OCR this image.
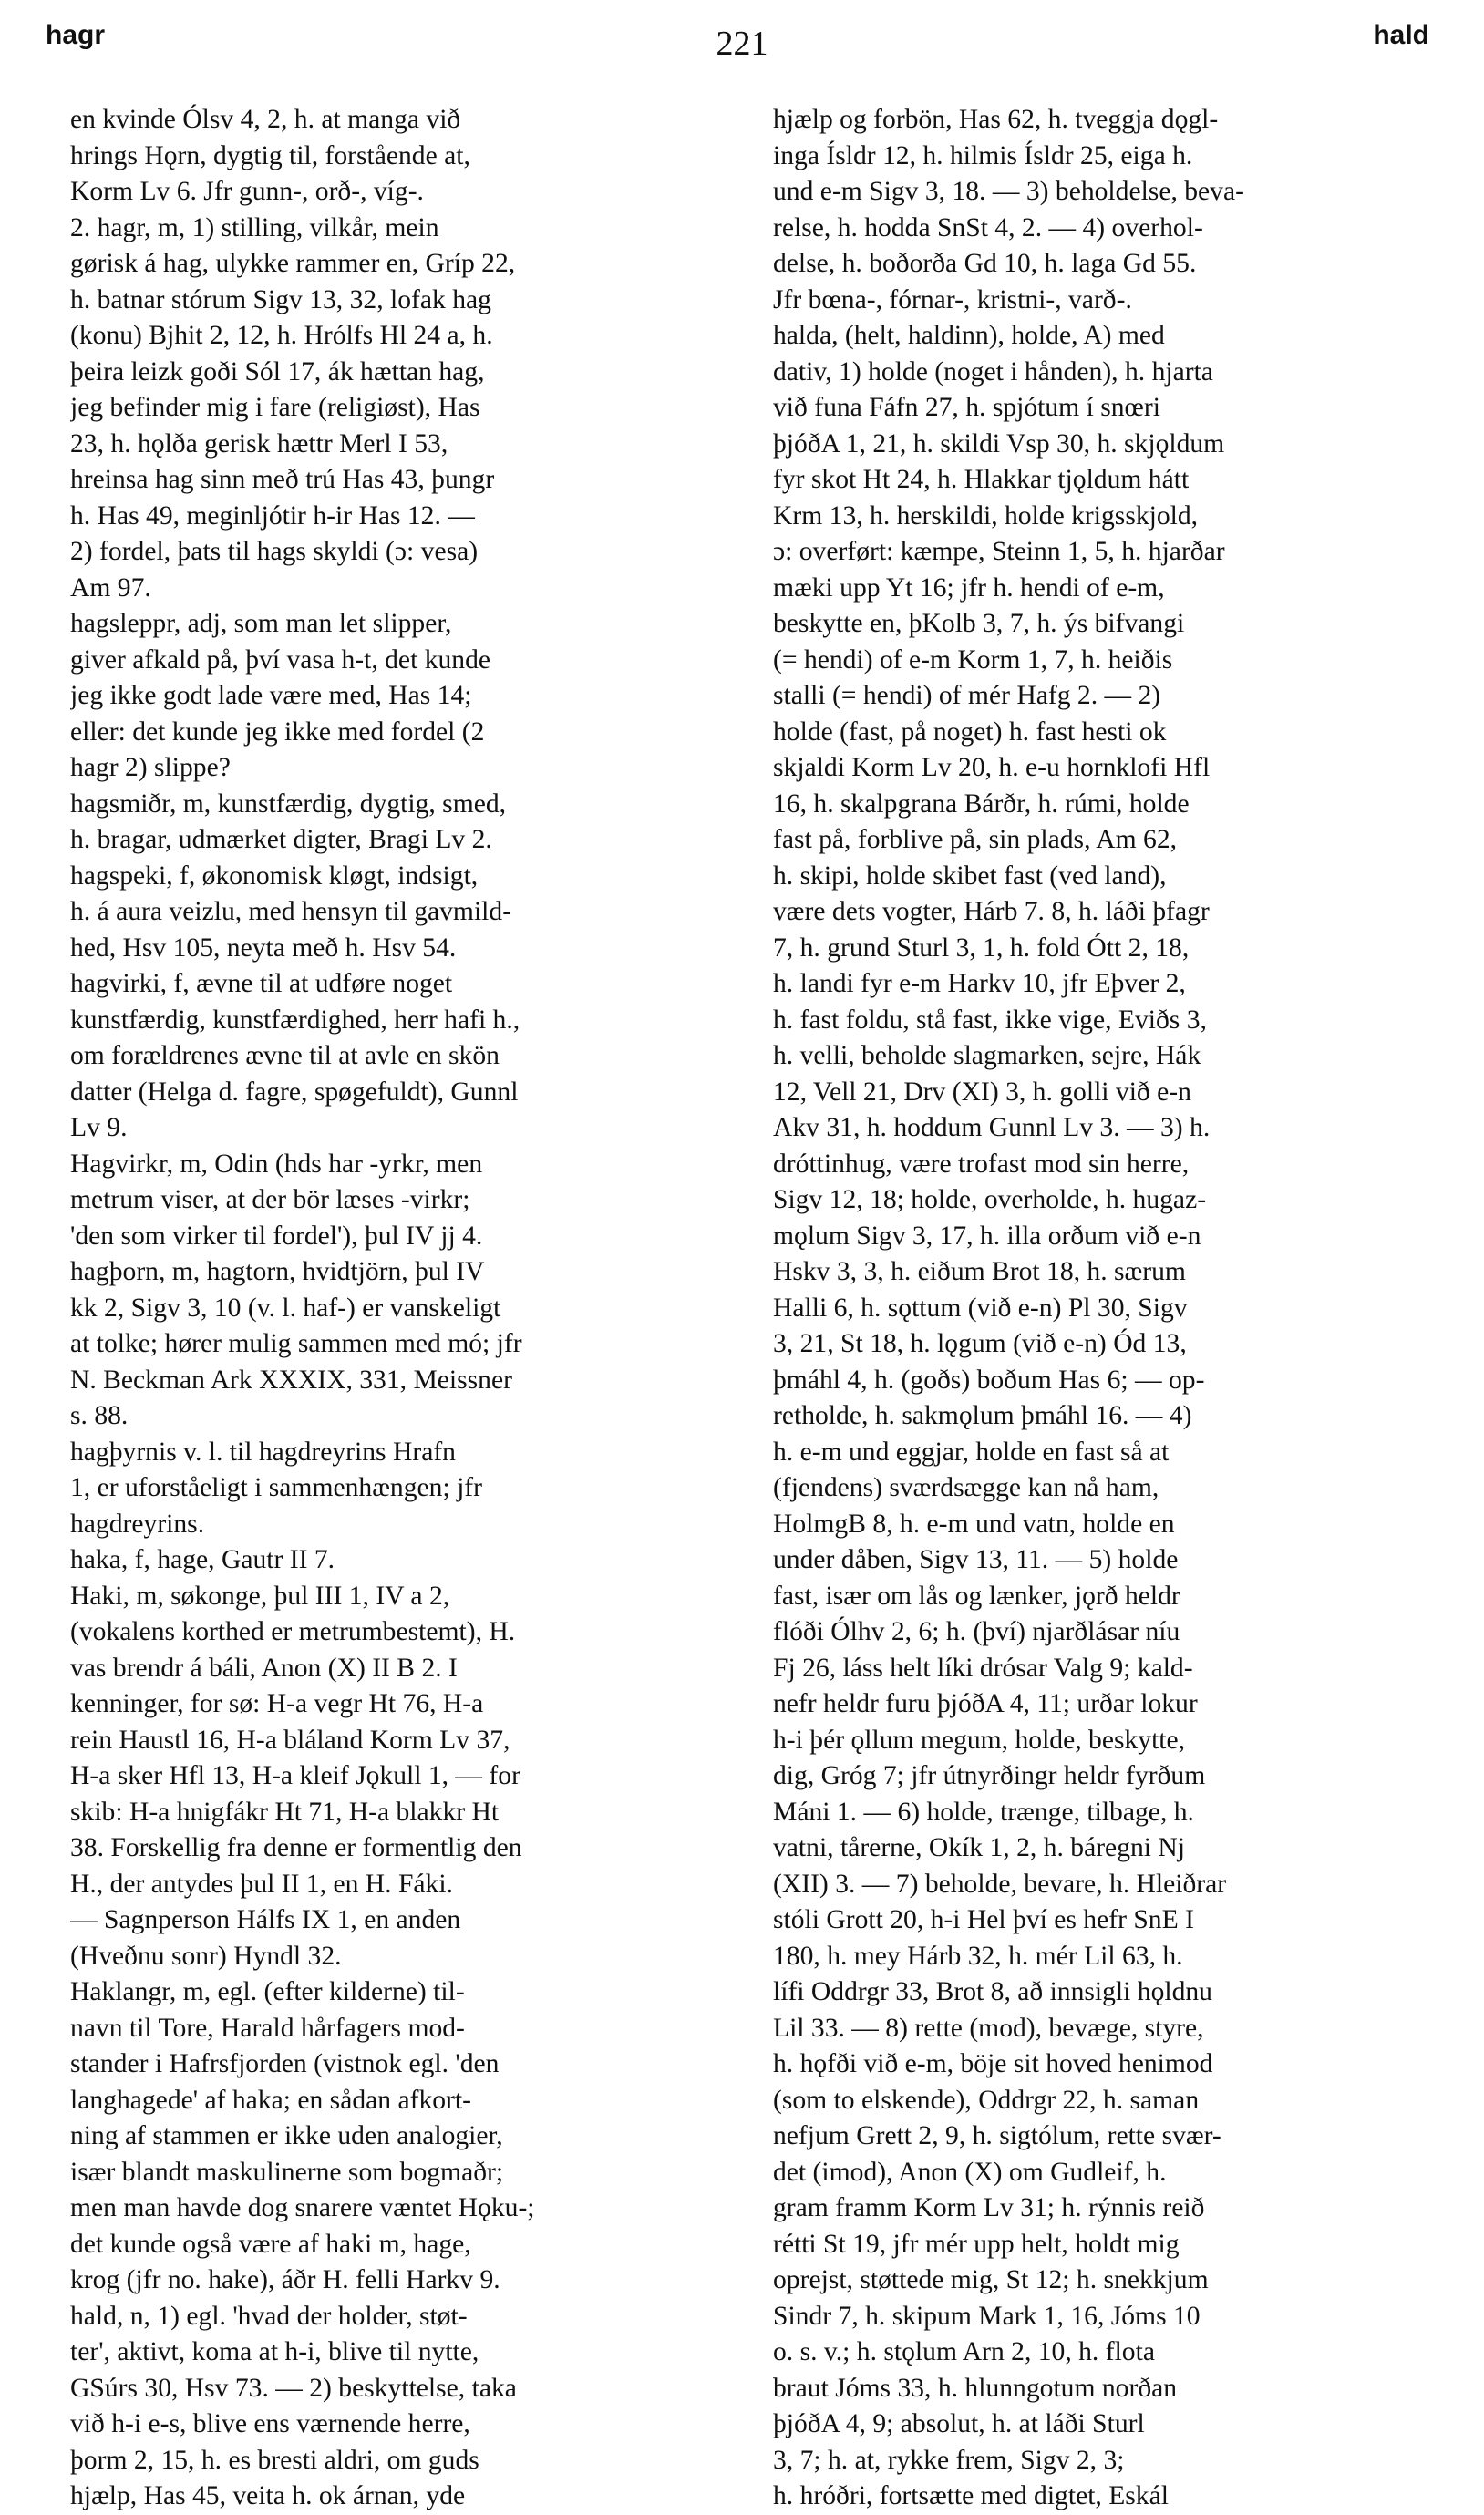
hagr	221	hald
en kvinde Ólsv 4, 2, h. at manga við
hrings Hǫrn, dygtig til, forstående at,
Korm Lv 6. Jfr gunn-, orð-, víg-.
2. hagr, m, 1) stilling, vilkår, mein
gørisk á hag, ulykke rammer en, Gríp 22,
h. batnar stórum Sigv 13, 32, lofak hag
(konu) Bjhit 2, 12, h. Hrólfs Hl 24 a, h.
þeira leizk goði Sól 17, ák hættan hag,
jeg befinder mig i fare (religiøst), Has
23, h. hǫlða gerisk hættr Merl I 53,
hreinsa hag sinn með trú Has 43, þungr
h. Has 49, meginljótir h-ir Has 12. —
2) fordel, þats til hags skyldi (ɔ: vesa)
Am 97.
hagsleppr, adj, som man let slipper,
giver afkald på, því vasa h-t, det kunde
jeg ikke godt lade være med, Has 14;
eller: det kunde jeg ikke med fordel (2
hagr 2) slippe?
hagsmiðr, m, kunstfærdig, dygtig, smed,
h. bragar, udmærket digter, Bragi Lv 2.
hagspeki, f, økonomisk kløgt, indsigt,
h. á aura veizlu, med hensyn til gavmild-
hed, Hsv 105, neyta með h. Hsv 54.
hagvirki, f, ævne til at udføre noget
kunstfærdig, kunstfærdighed, herr hafi h.,
om forældrenes ævne til at avle en skön
datter (Helga d. fagre, spøgefuldt), Gunnl
Lv 9.
Hagvirkr, m, Odin (hds har -yrkr, men
metrum viser, at der bör læses -virkr;
'den som virker til fordel'), þul IV jj 4.
hagþorn, m, hagtorn, hvidtjörn, þul IV
kk 2, Sigv 3, 10 (v. l. haf-) er vanskeligt
at tolke; hører mulig sammen med mó; jfr
N. Beckman Ark XXXIX, 331, Meissner
s. 88.
hagþyrnis v. l. til hagdreyrins Hrafn
1, er uforståeligt i sammenhængen; jfr
hagdreyrins.
haka, f, hage, Gautr II 7.
Haki, m, søkonge, þul III 1, IV a 2,
(vokalens korthed er metrumbestemt), H.
vas brendr á báli, Anon (X) II B 2. I
kenninger, for sø: H-a vegr Ht 76, H-a
rein Haustl 16, H-a bláland Korm Lv 37,
H-a sker Hfl 13, H-a kleif Jǫkull 1, — for
skib: H-a hnigfákr Ht 71, H-a blakkr Ht
38. Forskellig fra denne er formentlig den
H., der antydes þul II 1, en H. Fáki.
— Sagnperson Hálfs IX 1, en anden
(Hveðnu sonr) Hyndl 32.
Haklangr, m, egl. (efter kilderne) til-
navn til Tore, Harald hårfagers mod-
stander i Hafrsfjorden (vistnok egl. 'den
langhagede' af haka; en sådan afkort-
ning af stammen er ikke uden analogier,
især blandt maskulinerne som bogmaðr;
men man havde dog snarere væntet Hǫku-;
det kunde også være af haki m, hage,
krog (jfr no. hake), áðr H. felli Harkv 9.
hald, n, 1) egl. 'hvad der holder, støt-
ter', aktivt, koma at h-i, blive til nytte,
GSúrs 30, Hsv 73. — 2) beskyttelse, taka
við h-i e-s, blive ens værnende herre,
þorm 2, 15, h. es bresti aldri, om guds
hjælp, Has 45, veita h. ok árnan, yde
hjælp og forbön, Has 62, h. tveggja dǫgl-
inga Ísldr 12, h. hilmis Ísldr 25, eiga h.
und e-m Sigv 3, 18. — 3) beholdelse, beva-
relse, h. hodda SnSt 4, 2. — 4) overhol-
delse, h. boðorða Gd 10, h. laga Gd 55.
Jfr bœna-, fórnar-, kristni-, varð-.
halda, (helt, haldinn), holde, A) med
dativ, 1) holde (noget i hånden), h. hjarta
við funa Fáfn 27, h. spjótum í snœri
þjóðA 1, 21, h. skildi Vsp 30, h. skjǫldum
fyr skot Ht 24, h. Hlakkar tjǫldum hátt
Krm 13, h. herskildi, holde krigsskjold,
ɔ: overført: kæmpe, Steinn 1, 5, h. hjarðar
mæki upp Yt 16; jfr h. hendi of e-m,
beskytte en, þKolb 3, 7, h. ýs bifvangi
(= hendi) of e-m Korm 1, 7, h. heiðis
stalli (= hendi) of mér Hafg 2. — 2)
holde (fast, på noget) h. fast hesti ok
skjaldi Korm Lv 20, h. e-u hornklofi Hfl
16, h. skalpgrana Bárðr, h. rúmi, holde
fast på, forblive på, sin plads, Am 62,
h. skipi, holde skibet fast (ved land),
være dets vogter, Hárb 7. 8, h. láði þfagr
7, h. grund Sturl 3, 1, h. fold Ótt 2, 18,
h. landi fyr e-m Harkv 10, jfr Eþver 2,
h. fast foldu, stå fast, ikke vige, Eviðs 3,
h. velli, beholde slagmarken, sejre, Hák
12, Vell 21, Drv (XI) 3, h. golli við e-n
Akv 31, h. hoddum Gunnl Lv 3. — 3) h.
dróttinhug, være trofast mod sin herre,
Sigv 12, 18; holde, overholde, h. hugaz-
mǫlum Sigv 3, 17, h. illa orðum við e-n
Hskv 3, 3, h. eiðum Brot 18, h. særum
Halli 6, h. sǫttum (við e-n) Pl 30, Sigv
3, 21, St 18, h. lǫgum (við e-n) Ód 13,
þmáhl 4, h. (goðs) boðum Has 6; — op-
retholde, h. sakmǫlum þmáhl 16. — 4)
h. e-m und eggjar, holde en fast så at
(fjendens) sværdsægge kan nå ham,
HolmgB 8, h. e-m und vatn, holde en
under dåben, Sigv 13, 11. — 5) holde
fast, især om lås og lænker, jǫrð heldr
flóði Ólhv 2, 6; h. (því) njarðlásar níu
Fj 26, láss helt líki drósar Valg 9; kald-
nefr heldr furu þjóðA 4, 11; urðar lokur
h-i þér ǫllum megum, holde, beskytte,
dig, Gróg 7; jfr útnyrðingr heldr fyrðum
Máni 1. — 6) holde, trænge, tilbage, h.
vatni, tårerne, Okík 1, 2, h. báregni Nj
(XII) 3. — 7) beholde, bevare, h. Hleiðrar
stóli Grott 20, h-i Hel því es hefr SnE I
180, h. mey Hárb 32, h. mér Lil 63, h.
lífi Oddrgr 33, Brot 8, að innsigli hǫldnu
Lil 33. — 8) rette (mod), bevæge, styre,
h. hǫfði við e-m, böje sit hoved henimod
(som to elskende), Oddrgr 22, h. saman
nefjum Grett 2, 9, h. sigtólum, rette svær-
det (imod), Anon (X) om Gudleif, h.
gram framm Korm Lv 31; h. rýnnis reið
rétti St 19, jfr mér upp helt, holdt mig
oprejst, støttede mig, St 12; h. snekkjum
Sindr 7, h. skipum Mark 1, 16, Jóms 10
o. s. v.; h. stǫlum Arn 2, 10, h. flota
braut Jóms 33, h. hlunngotum norðan
þjóðA 4, 9; absolut, h. at láði Sturl
3, 7; h. at, rykke frem, Sigv 2, 3;
h. hróðri, fortsætte med digtet, Eskál
